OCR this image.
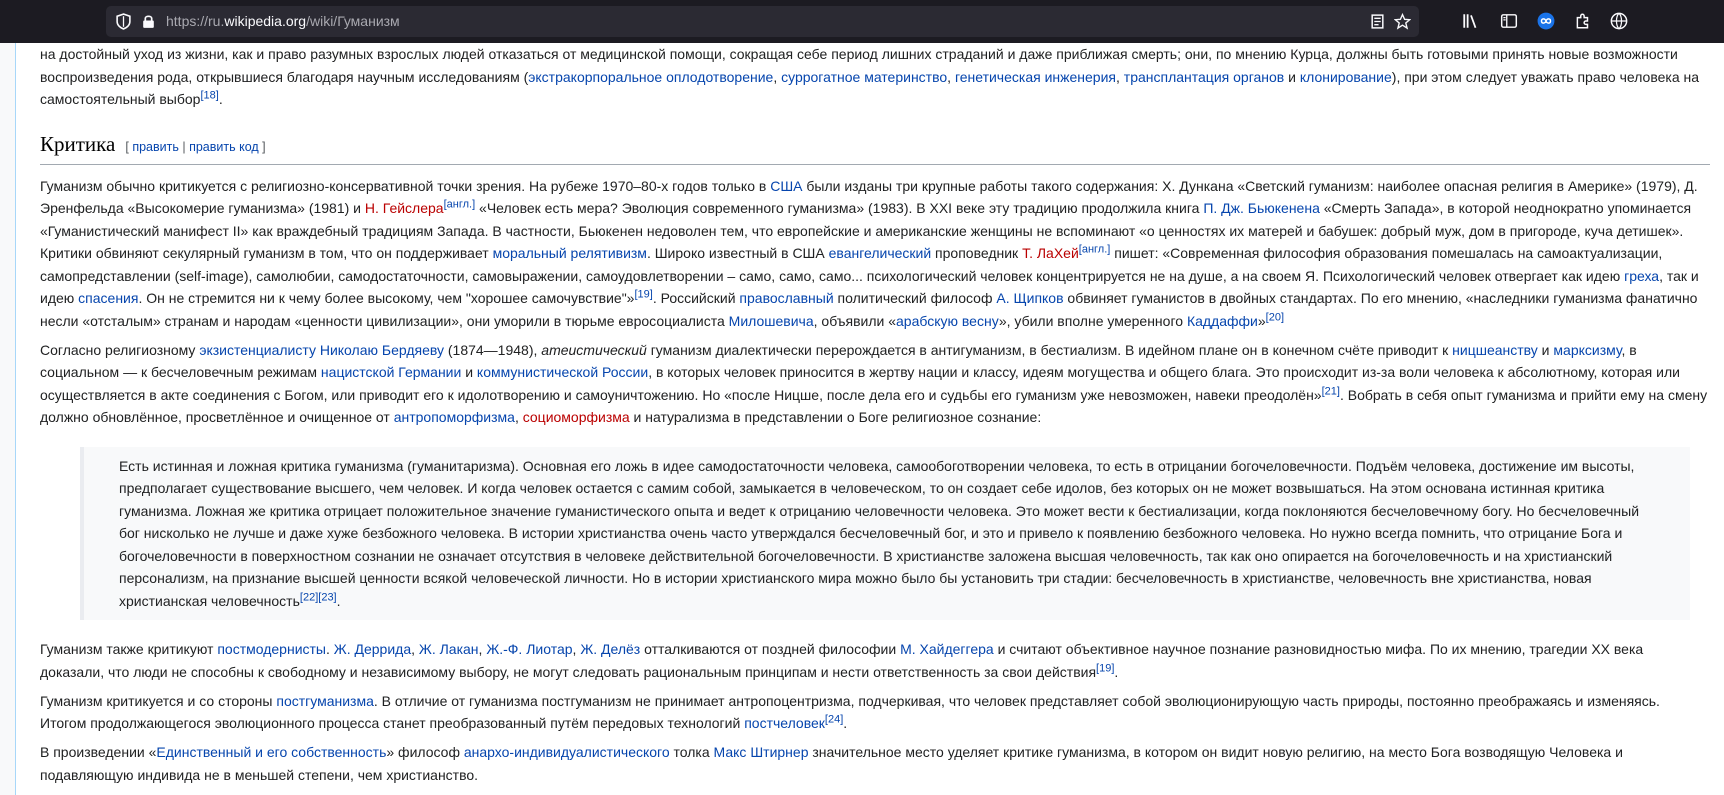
https://ru.wikipedia.org/wiki/Гуманизм

на достойный уход из жизни, как и право разумных взрослых людей отказаться от медицинской помощи, сокращая себе период лишних страданий и даже приближая смерть; они, по мнению Курца, должны быть готовыми принять новые возможности воспроизведения рода, открывшиеся благодаря научным исследованиям (экстракорпоральное оплодотворение, суррогатное материнство, генетическая инженерия, трансплантация органов и клонирование), при этом следует уважать право человека на самостоятельный выбор[18].

Критика [ править | править код ]

Гуманизм обычно критикуется с религиозно-консервативной точки зрения. На рубеже 1970–80-х годов только в США были изданы три крупные работы такого содержания: Х. Дункана «Светский гуманизм: наиболее опасная религия в Америке» (1979), Д. Эренфельда «Высокомерие гуманизма» (1981) и Н. Гейслера[англ.] «Человек есть мера? Эволюция современного гуманизма» (1983). В XXI веке эту традицию продолжила книга П. Дж. Бьюкенена «Смерть Запада», в которой неоднократно упоминается «Гуманистический манифест II» как враждебный традициям Запада. В частности, Бьюкенен недоволен тем, что европейские и американские женщины не вспоминают «о ценностях их матерей и бабушек: добрый муж, дом в пригороде, куча детишек». Критики обвиняют секулярный гуманизм в том, что он поддерживает моральный релятивизм. Широко известный в США евангелический проповедник Т. ЛаХей[англ.] пишет: «Современная философия образования помешалась на самоактуализации, самопредставлении (self-image), самолюбии, самодостаточности, самовыражении, самоудовлетворении – само, само, само... психологический человек концентрируется не на душе, а на своем Я. Психологический человек отвергает как идею греха, так и идею спасения. Он не стремится ни к чему более высокому, чем "хорошее самочувствие"»[19]. Российский православный политический философ А. Щипков обвиняет гуманистов в двойных стандартах. По его мнению, «наследники гуманизма фанатично несли «отсталым» странам и народам «ценности цивилизации», они уморили в тюрьме евросоциалиста Милошевича, объявили «арабскую весну», убили вполне умеренного Каддаффи»[20]

Согласно религиозному экзистенциалисту Николаю Бердяеву (1874—1948), атеистический гуманизм диалектически перерождается в антигуманизм, в бестиализм. В идейном плане он в конечном счёте приводит к ницшеанству и марксизму, в социальном — к бесчеловечным режимам нацистской Германии и коммунистической России, в которых человек приносится в жертву нации и классу, идеям могущества и общего блага. Это происходит из-за воли человека к абсолютному, которая или осуществляется в акте соединения с Богом, или приводит его к идолотворению и самоуничтожению. Но «после Ницше, после дела его и судьбы его гуманизм уже невозможен, навеки преодолён»[21]. Вобрать в себя опыт гуманизма и прийти ему на смену должно обновлённое, просветлённое и очищенное от антропоморфизма, социоморфизма и натурализма в представлении о Боге религиозное сознание:

Есть истинная и ложная критика гуманизма (гуманитаризма). Основная его ложь в идее самодостаточности человека, самообоготворении человека, то есть в отрицании богочеловечности. Подъём человека, достижение им высоты, предполагает существование высшего, чем человек. И когда человек остается с самим собой, замыкается в человеческом, то он создает себе идолов, без которых он не может возвышаться. На этом основана истинная критика гуманизма. Ложная же критика отрицает положительное значение гуманистического опыта и ведет к отрицанию человечности человека. Это может вести к бестиализации, когда поклоняются бесчеловечному богу. Но бесчеловечный бог нисколько не лучше и даже хуже безбожного человека. В истории христианства очень часто утверждался бесчеловечный бог, и это и привело к появлению безбожного человека. Но нужно всегда помнить, что отрицание Бога и богочеловечности в поверхностном сознании не означает отсутствия в человеке действительной богочеловечности. В христианстве заложена высшая человечность, так как оно опирается на богочеловечность и на христианский персонализм, на признание высшей ценности всякой человеческой личности. Но в истории христианского мира можно было бы установить три стадии: бесчеловечность в христианстве, человечность вне христианства, новая христианская человечность[22][23].

Гуманизм также критикуют постмодернисты. Ж. Деррида, Ж. Лакан, Ж.-Ф. Лиотар, Ж. Делёз отталкиваются от поздней философии М. Хайдеггера и считают объективное научное познание разновидностью мифа. По их мнению, трагедии XX века доказали, что люди не способны к свободному и независимому выбору, не могут следовать рациональным принципам и нести ответственность за свои действия[19].

Гуманизм критикуется и со стороны постгуманизма. В отличие от гуманизма постгуманизм не принимает антропоцентризма, подчеркивая, что человек представляет собой эволюционирующую часть природы, постоянно преображаясь и изменяясь. Итогом продолжающегося эволюционного процесса станет преобразованный путём передовых технологий постчеловек[24].

В произведении «Единственный и его собственность» философ анархо-индивидуалистического толка Макс Штирнер значительное место уделяет критике гуманизма, в котором он видит новую религию, на место Бога возводящую Человека и подавляющую индивида не в меньшей степени, чем христианство.
